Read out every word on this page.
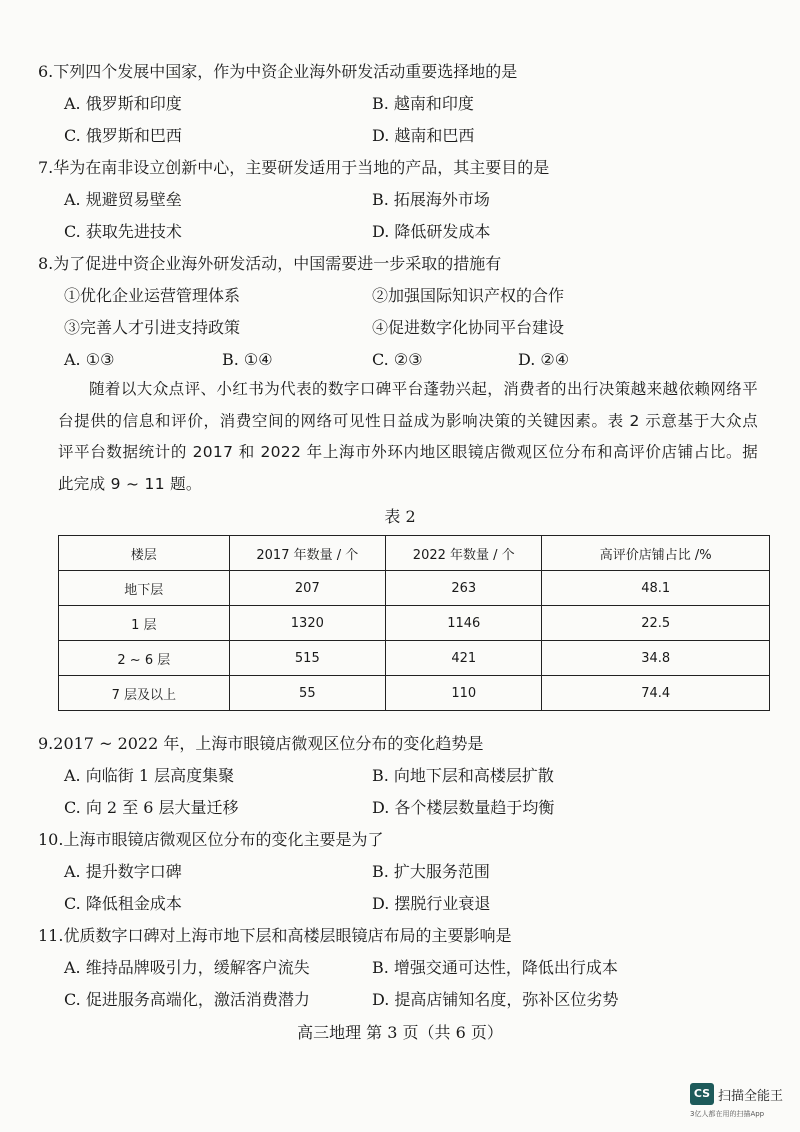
6.下列四个发展中国家，作为中资企业海外研发活动重要选择地的是
A. 俄罗斯和印度	B. 越南和印度
C. 俄罗斯和巴西	D. 越南和巴西
7.华为在南非设立创新中心，主要研发适用于当地的产品，其主要目的是
A. 规避贸易壁垒	B. 拓展海外市场
C. 获取先进技术	D. 降低研发成本
8.为了促进中资企业海外研发活动，中国需要进一步采取的措施有
①优化企业运营管理体系	②加强国际知识产权的合作
③完善人才引进支持政策	④促进数字化协同平台建设
A. ①③	B. ①④	C. ②③	D. ②④
随着以大众点评、小红书为代表的数字口碑平台蓬勃兴起，消费者的出行决策越来越依赖网络平台提供的信息和评价，消费空间的网络可见性日益成为影响决策的关键因素。表 2 示意基于大众点评平台数据统计的 2017 和 2022 年上海市外环内地区眼镜店微观区位分布和高评价店铺占比。据此完成 9 ~ 11 题。
表 2
楼层	2017 年数量 / 个	2022 年数量 / 个	高评价店铺占比 /%
地下层	207	263	48.1
1 层	1320	1146	22.5
2 ~ 6 层	515	421	34.8
7 层及以上	55	110	74.4
9.2017 ~ 2022 年，上海市眼镜店微观区位分布的变化趋势是
A. 向临街 1 层高度集聚	B. 向地下层和高楼层扩散
C. 向 2 至 6 层大量迁移	D. 各个楼层数量趋于均衡
10.上海市眼镜店微观区位分布的变化主要是为了
A. 提升数字口碑	B. 扩大服务范围
C. 降低租金成本	D. 摆脱行业衰退
11.优质数字口碑对上海市地下层和高楼层眼镜店布局的主要影响是
A. 维持品牌吸引力，缓解客户流失	B. 增强交通可达性，降低出行成本
C. 促进服务高端化，激活消费潜力	D. 提高店铺知名度，弥补区位劣势
高三地理 第 3 页（共 6 页）
CS 扫描全能王
3亿人都在用的扫描App
